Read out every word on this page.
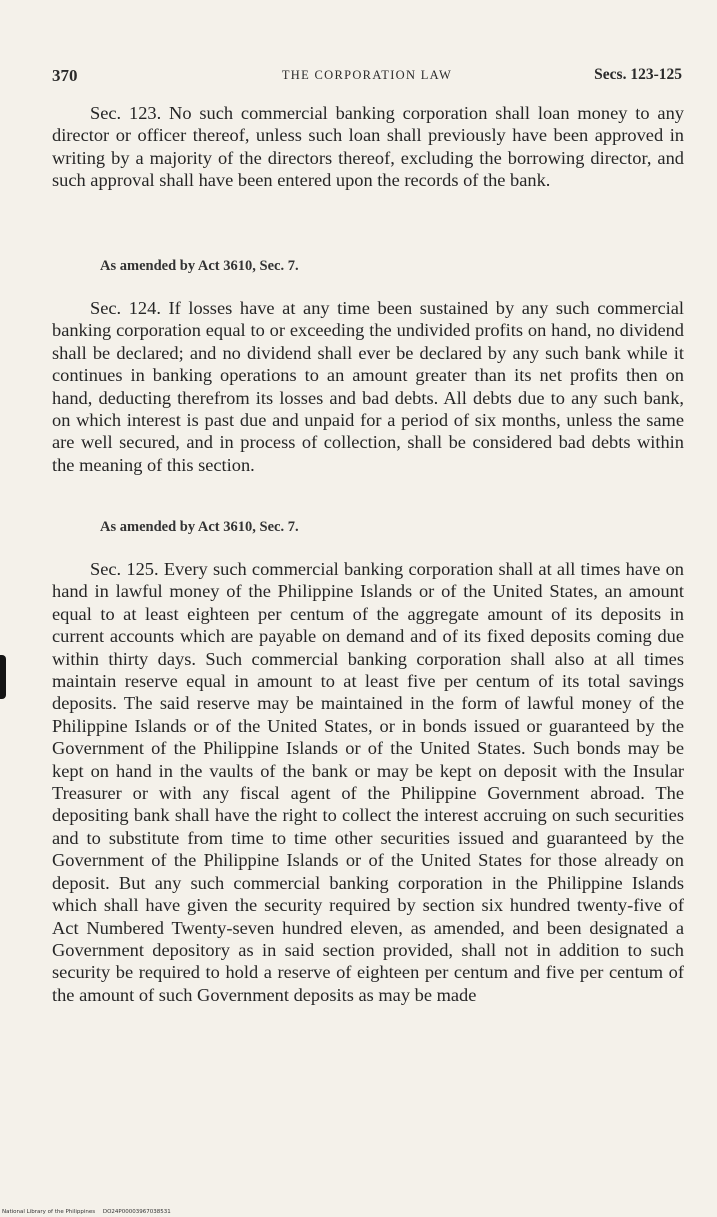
370	THE CORPORATION LAW	Secs. 123-125

Sec. 123. No such commercial banking corporation shall loan money to any director or officer thereof, unless such loan shall previously have been approved in writing by a majority of the directors thereof, excluding the borrowing director, and such approval shall have been entered upon the records of the bank.

As amended by Act 3610, Sec. 7.

Sec. 124. If losses have at any time been sustained by any such commercial banking corporation equal to or exceeding the undivided profits on hand, no dividend shall be declared; and no dividend shall ever be declared by any such bank while it continues in banking operations to an amount greater than its net profits then on hand, deducting therefrom its losses and bad debts. All debts due to any such bank, on which interest is past due and unpaid for a period of six months, unless the same are well secured, and in process of collection, shall be considered bad debts within the meaning of this section.

As amended by Act 3610, Sec. 7.

Sec. 125. Every such commercial banking corporation shall at all times have on hand in lawful money of the Philippine Islands or of the United States, an amount equal to at least eighteen per centum of the aggregate amount of its deposits in current accounts which are payable on demand and of its fixed deposits coming due within thirty days. Such commercial banking corporation shall also at all times maintain reserve equal in amount to at least five per centum of its total savings deposits. The said reserve may be maintained in the form of lawful money of the Philippine Islands or of the United States, or in bonds issued or guaranteed by the Government of the Philippine Islands or of the United States. Such bonds may be kept on hand in the vaults of the bank or may be kept on deposit with the Insular Treasurer or with any fiscal agent of the Philippine Government abroad. The depositing bank shall have the right to collect the interest accruing on such securities and to substitute from time to time other securities issued and guaranteed by the Government of the Philippine Islands or of the United States for those already on deposit. But any such commercial banking corporation in the Philippine Islands which shall have given the security required by section six hundred twenty-five of Act Numbered Twenty-seven hundred eleven, as amended, and been designated a Government depository as in said section provided, shall not in addition to such security be required to hold a reserve of eighteen per centum and five per centum of the amount of such Government deposits as may be made

National Library of the Philippines DO24P00003967038531
